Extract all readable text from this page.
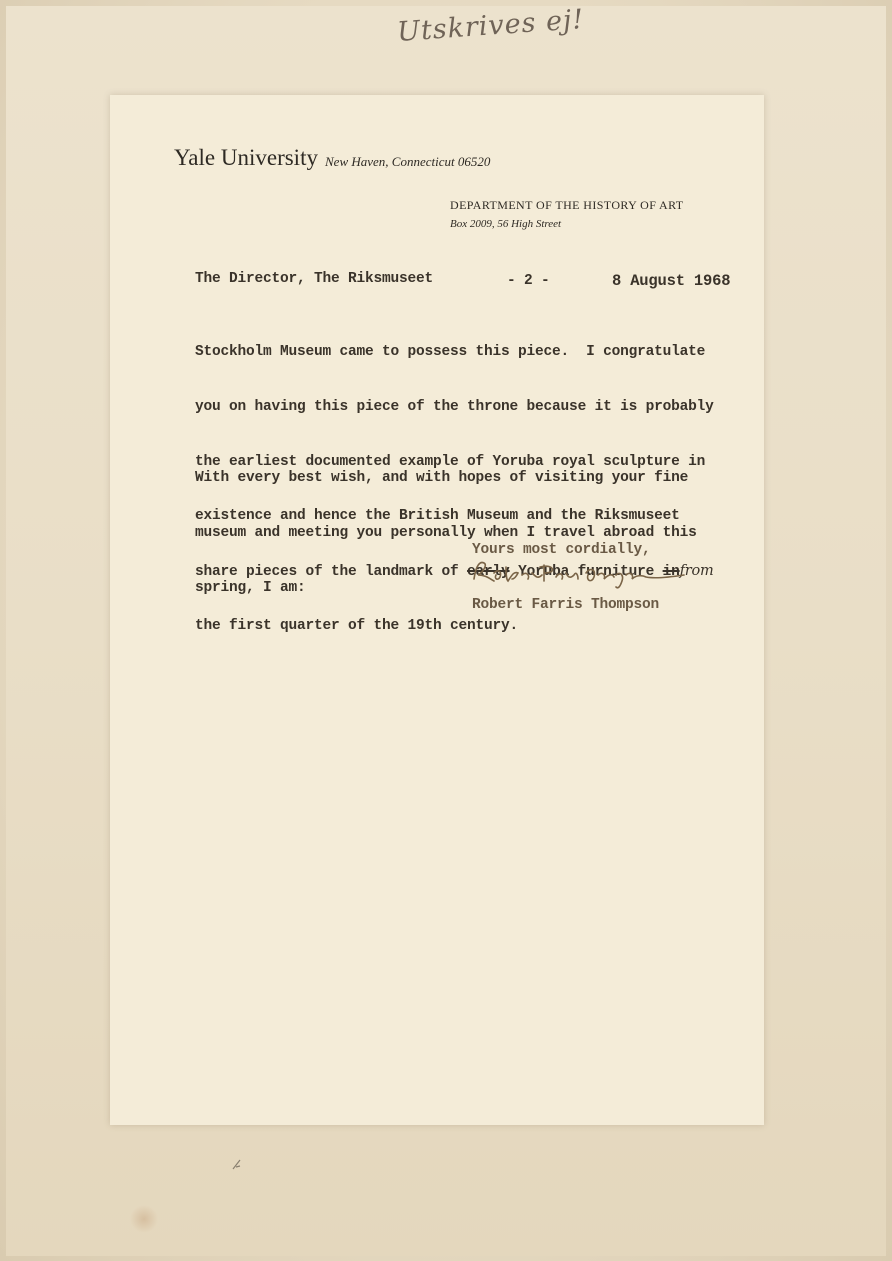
Utskrives ej!
Yale University New Haven, Connecticut 06520
DEPARTMENT OF THE HISTORY OF ART
Box 2009, 56 High Street
The Director, The Riksmuseet	- 2 -	8 August 1968

Stockholm Museum came to possess this piece.  I congratulate

you on having this piece of the throne because it is probably

the earliest documented example of Yoruba royal sculpture in

existence and hence the British Museum and the Riksmuseet

share pieces of the landmark of early Yoruba furniture infrom

the first quarter of the 19th century.

With every best wish, and with hopes of visiting your fine

museum and meeting you personally when I travel abroad this

spring, I am:

Yours most cordially,
Robert Farris Thompson
